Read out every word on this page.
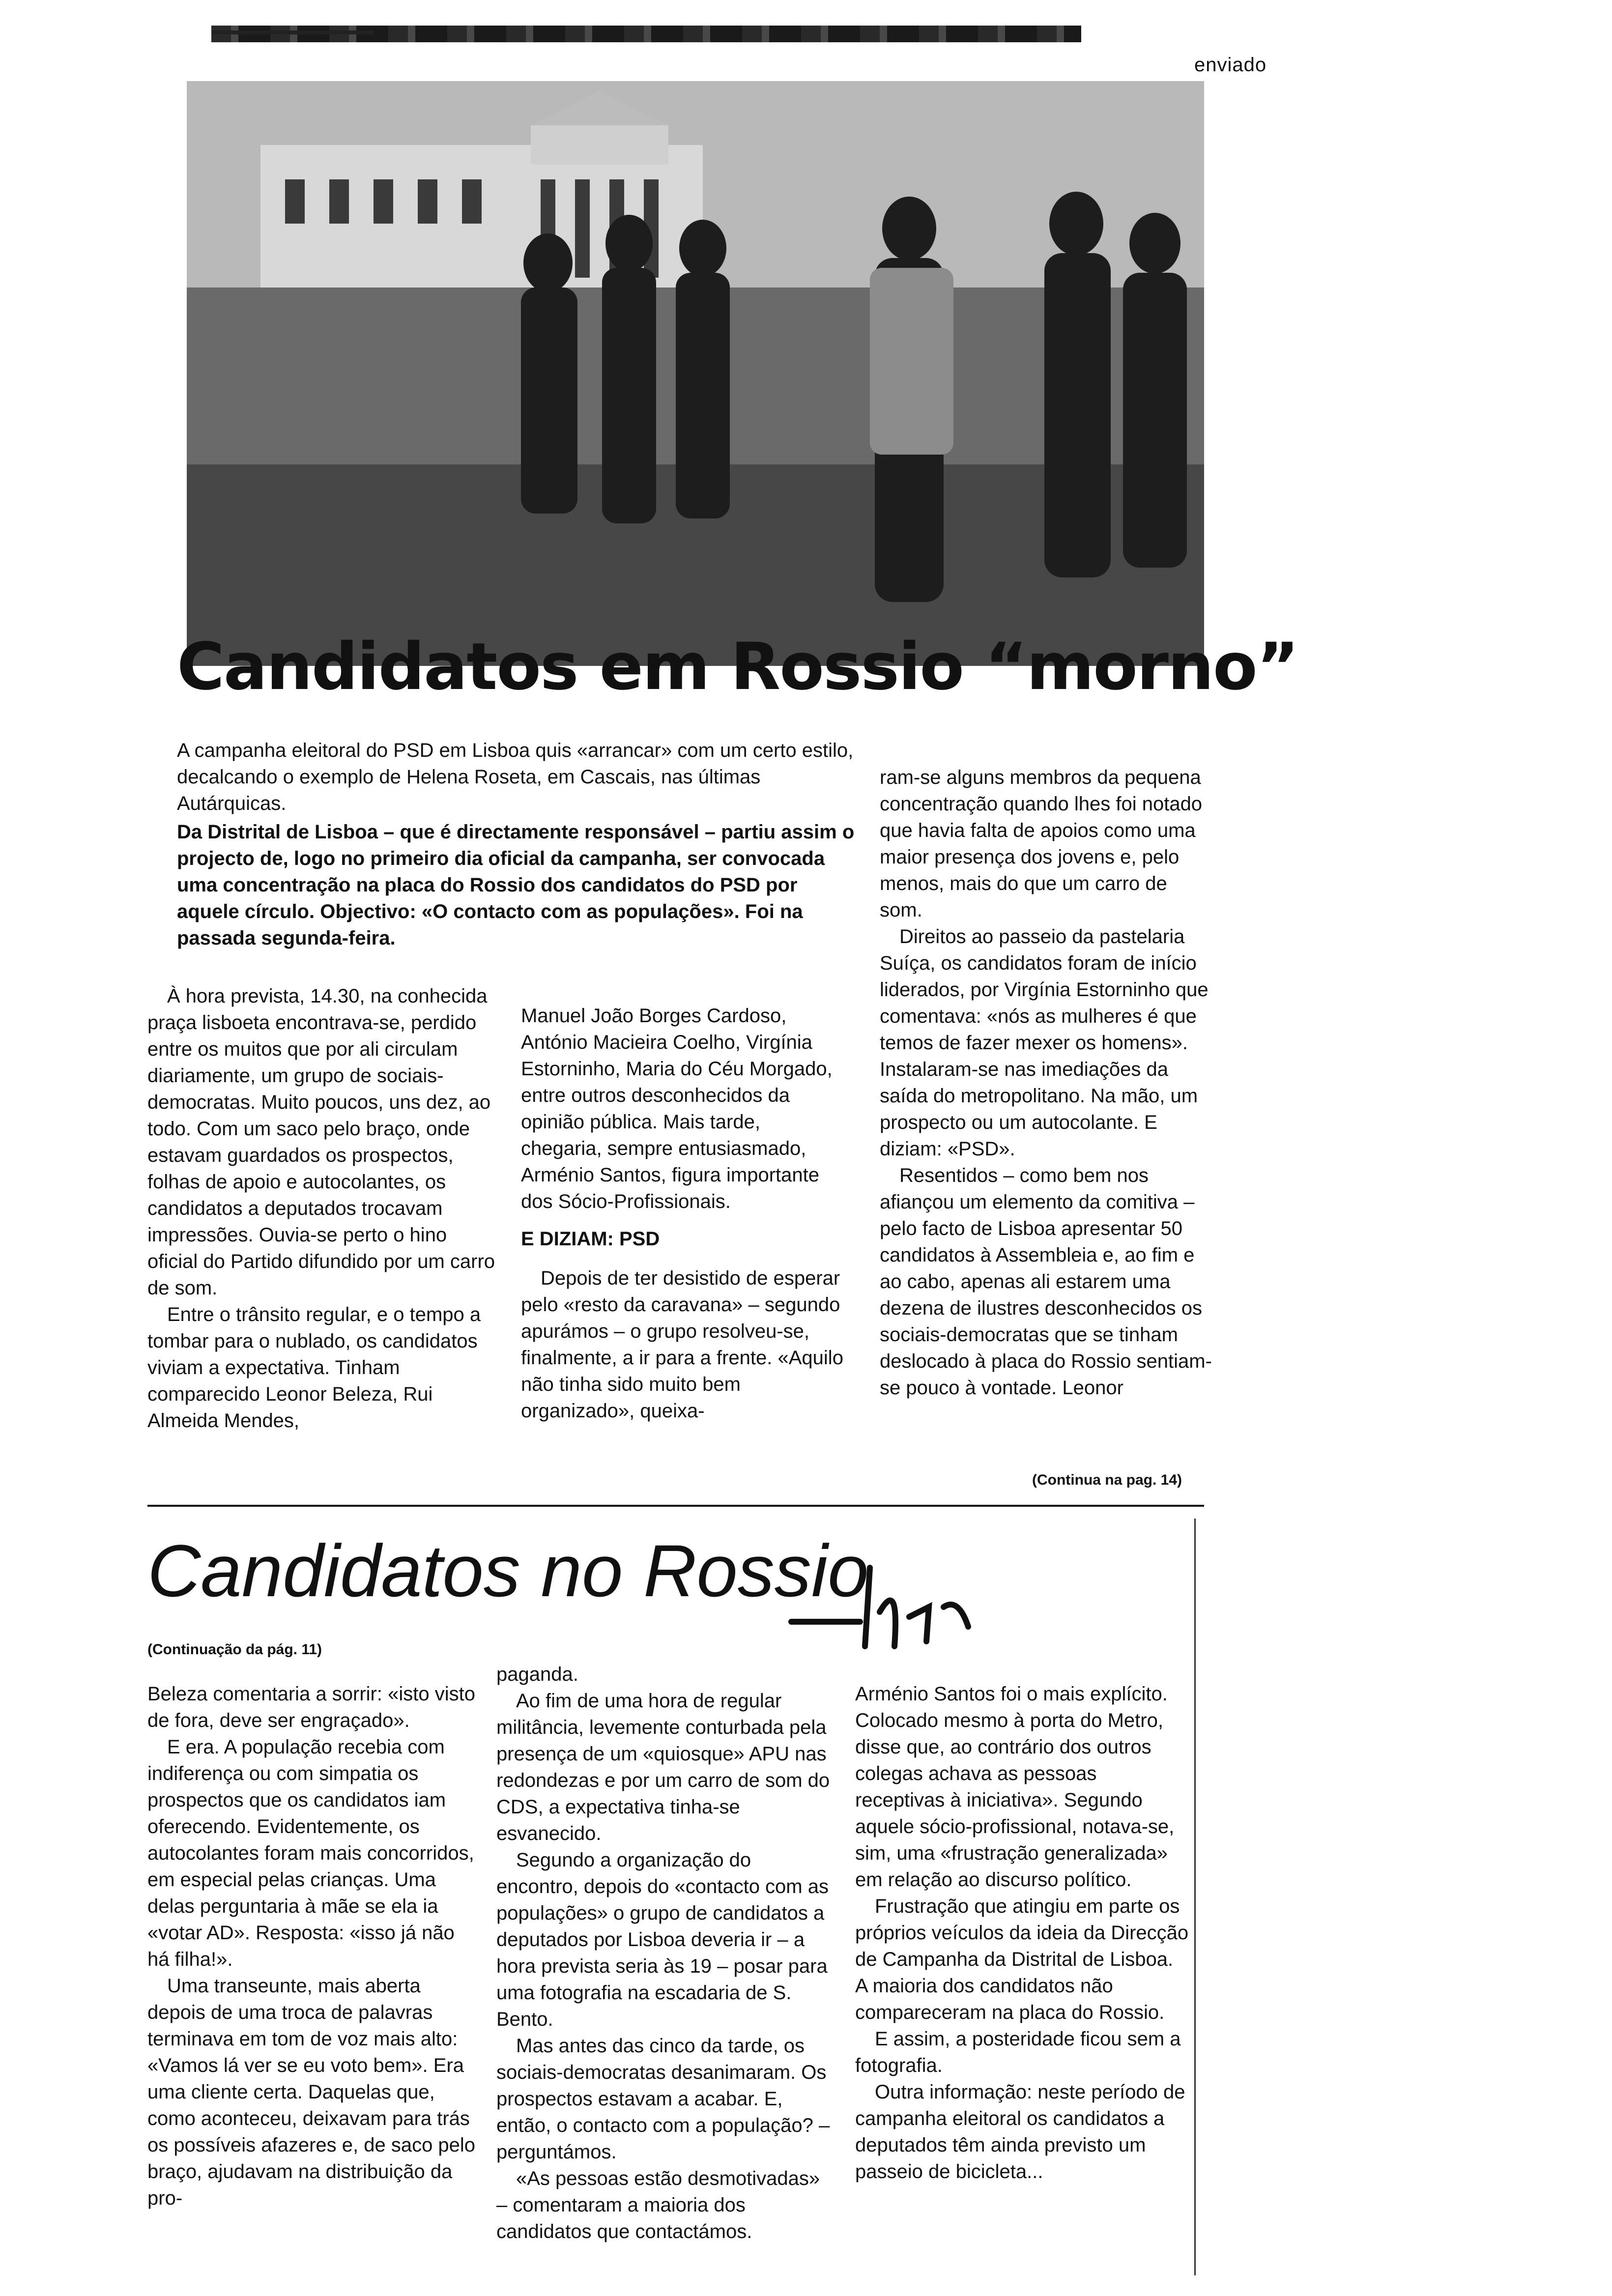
enviado
Candidatos em Rossio “morno”

A campanha eleitoral do PSD em Lisboa quis «arrancar» com um certo estilo, decalcando o exemplo de Helena Roseta, em Cascais, nas últimas Autárquicas.

Da Distrital de Lisboa – que é directamente responsável – partiu assim o projecto de, logo no primeiro dia oficial da campanha, ser convocada uma concentração na placa do Rossio dos candidatos do PSD por aquele círculo. Objectivo: «O contacto com as populações». Foi na passada segunda-feira.

À hora prevista, 14.30, na conhecida praça lisboeta encontrava-se, perdido entre os muitos que por ali circulam diariamente, um grupo de sociais-democratas. Muito poucos, uns dez, ao todo. Com um saco pelo braço, onde estavam guardados os prospectos, folhas de apoio e autocolantes, os candidatos a deputados trocavam impressões. Ouvia-se perto o hino oficial do Partido difundido por um carro de som.

Entre o trânsito regular, e o tempo a tombar para o nublado, os candidatos viviam a expectativa. Tinham comparecido Leonor Beleza, Rui Almeida Mendes,

Manuel João Borges Cardoso, António Macieira Coelho, Virgínia Estorninho, Maria do Céu Morgado, entre outros desconhecidos da opinião pública. Mais tarde, chegaria, sempre entusiasmado, Arménio Santos, figura importante dos Sócio-Profissionais.

E DIZIAM: PSD

Depois de ter desistido de esperar pelo «resto da caravana» – segundo apurámos – o grupo resolveu-se, finalmente, a ir para a frente. «Aquilo não tinha sido muito bem organizado», queixa-

ram-se alguns membros da pequena concentração quando lhes foi notado que havia falta de apoios como uma maior presença dos jovens e, pelo menos, mais do que um carro de som.

Direitos ao passeio da pastelaria Suíça, os candidatos foram de início liderados, por Virgínia Estorninho que comentava: «nós as mulheres é que temos de fazer mexer os homens». Instalaram-se nas imediações da saída do metropolitano. Na mão, um prospecto ou um autocolante. E diziam: «PSD».

Resentidos – como bem nos afiançou um elemento da comitiva – pelo facto de Lisboa apresentar 50 candidatos à Assembleia e, ao fim e ao cabo, apenas ali estarem uma dezena de ilustres desconhecidos os sociais-democratas que se tinham deslocado à placa do Rossio sentiam-se pouco à vontade. Leonor

(Continua na pag. 14)
Candidatos no Rossio
(Continuação da pág. 11)

Beleza comentaria a sorrir: «isto visto de fora, deve ser engraçado».

E era. A população recebia com indiferença ou com simpatia os prospectos que os candidatos iam oferecendo. Evidentemente, os autocolantes foram mais concorridos, em especial pelas crianças. Uma delas perguntaria à mãe se ela ia «votar AD». Resposta: «isso já não há filha!».

Uma transeunte, mais aberta depois de uma troca de palavras terminava em tom de voz mais alto: «Vamos lá ver se eu voto bem». Era uma cliente certa. Daquelas que, como aconteceu, deixavam para trás os possíveis afazeres e, de saco pelo braço, ajudavam na distribuição da pro-

paganda.

Ao fim de uma hora de regular militância, levemente conturbada pela presença de um «quiosque» APU nas redondezas e por um carro de som do CDS, a expectativa tinha-se esvanecido.

Segundo a organização do encontro, depois do «contacto com as populações» o grupo de candidatos a deputados por Lisboa deveria ir – a hora prevista seria às 19 – posar para uma fotografia na escadaria de S. Bento.

Mas antes das cinco da tarde, os sociais-democratas desanimaram. Os prospectos estavam a acabar. E, então, o contacto com a população? – perguntámos.

«As pessoas estão desmotivadas» – comentaram a maioria dos candidatos que contactámos.

Arménio Santos foi o mais explícito. Colocado mesmo à porta do Metro, disse que, ao contrário dos outros colegas achava as pessoas receptivas à iniciativa». Segundo aquele sócio-profissional, notava-se, sim, uma «frustração generalizada» em relação ao discurso político.

Frustração que atingiu em parte os próprios veículos da ideia da Direcção de Campanha da Distrital de Lisboa. A maioria dos candidatos não compareceram na placa do Rossio.

E assim, a posteridade ficou sem a fotografia.

Outra informação: neste período de campanha eleitoral os candidatos a deputados têm ainda previsto um passeio de bicicleta...
